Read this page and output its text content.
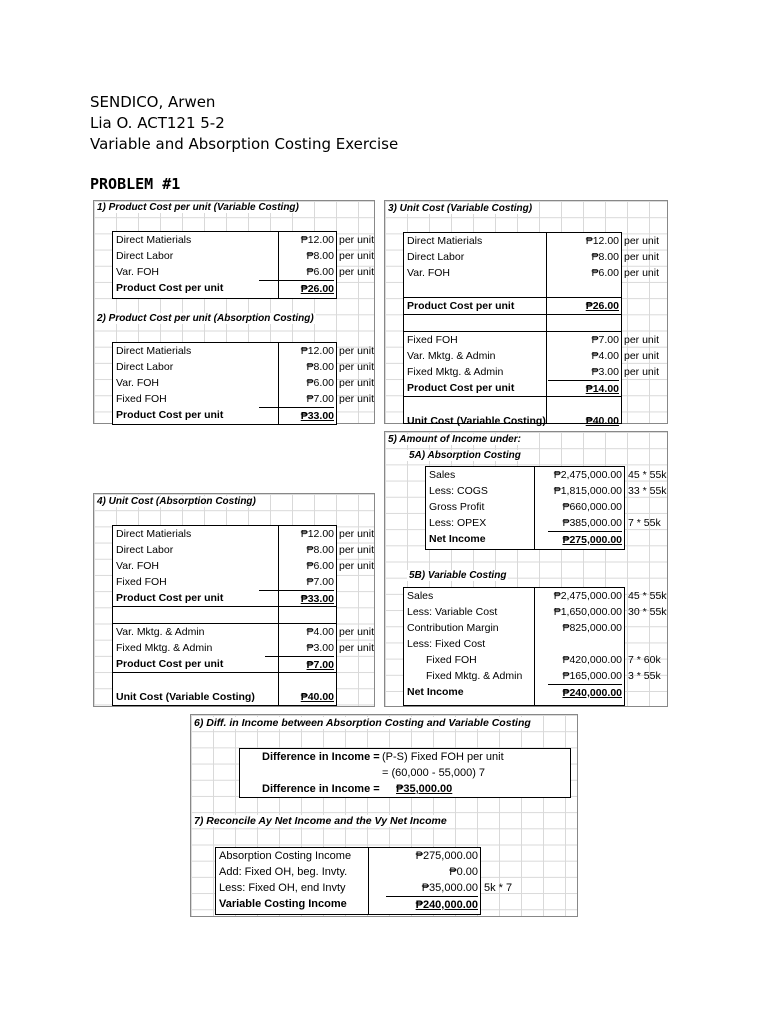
SENDICO, Arwen
Lia O. ACT121 5-2
Variable and Absorption Costing Exercise
PROBLEM #1
1) Product Cost per unit (Variable Costing)
Direct Matierials	₱12.00 per unit
Direct Labor	₱8.00 per unit
Var. FOH	₱6.00 per unit
Product Cost per unit	₱26.00
2) Product Cost per unit (Absorption Costing)
Direct Matierials	₱12.00 per unit
Direct Labor	₱8.00 per unit
Var. FOH	₱6.00 per unit
Fixed FOH	₱7.00 per unit
Product Cost per unit	₱33.00
3) Unit Cost (Variable Costing)
Direct Matierials	₱12.00 per unit
Direct Labor	₱8.00 per unit
Var. FOH	₱6.00 per unit
Product Cost per unit	₱26.00
Fixed FOH	₱7.00 per unit
Var. Mktg. & Admin	₱4.00 per unit
Fixed Mktg. & Admin	₱3.00 per unit
Product Cost per unit	₱14.00
Unit Cost (Variable Costing)	₱40.00
4) Unit Cost (Absorption Costing)
Direct Matierials	₱12.00 per unit
Direct Labor	₱8.00 per unit
Var. FOH	₱6.00 per unit
Fixed FOH	₱7.00
Product Cost per unit	₱33.00
Var. Mktg. & Admin	₱4.00 per unit
Fixed Mktg. & Admin	₱3.00 per unit
Product Cost per unit	₱7.00
Unit Cost (Variable Costing)	₱40.00
5) Amount of Income under:
5A) Absorption Costing
Sales	₱2,475,000.00 45 * 55k
Less: COGS	₱1,815,000.00 33 * 55k
Gross Profit	₱660,000.00
Less: OPEX	₱385,000.00 7 * 55k
Net Income	₱275,000.00
5B) Variable Costing
Sales	₱2,475,000.00 45 * 55k
Less: Variable Cost	₱1,650,000.00 30 * 55k
Contribution Margin	₱825,000.00
Less: Fixed Cost
Fixed FOH	₱420,000.00 7 * 60k
Fixed Mktg. & Admin	₱165,000.00 3 * 55k
Net Income	₱240,000.00
6) Diff. in Income between Absorption Costing and Variable Costing
Difference in Income = (P-S) Fixed FOH per unit
= (60,000 - 55,000) 7
Difference in Income = ₱35,000.00
7) Reconcile Ay Net Income and the Vy Net Income
Absorption Costing Income	₱275,000.00
Add: Fixed OH, beg. Invty.	₱0.00
Less: Fixed OH, end Invty	₱35,000.00 5k * 7
Variable Costing Income	₱240,000.00
